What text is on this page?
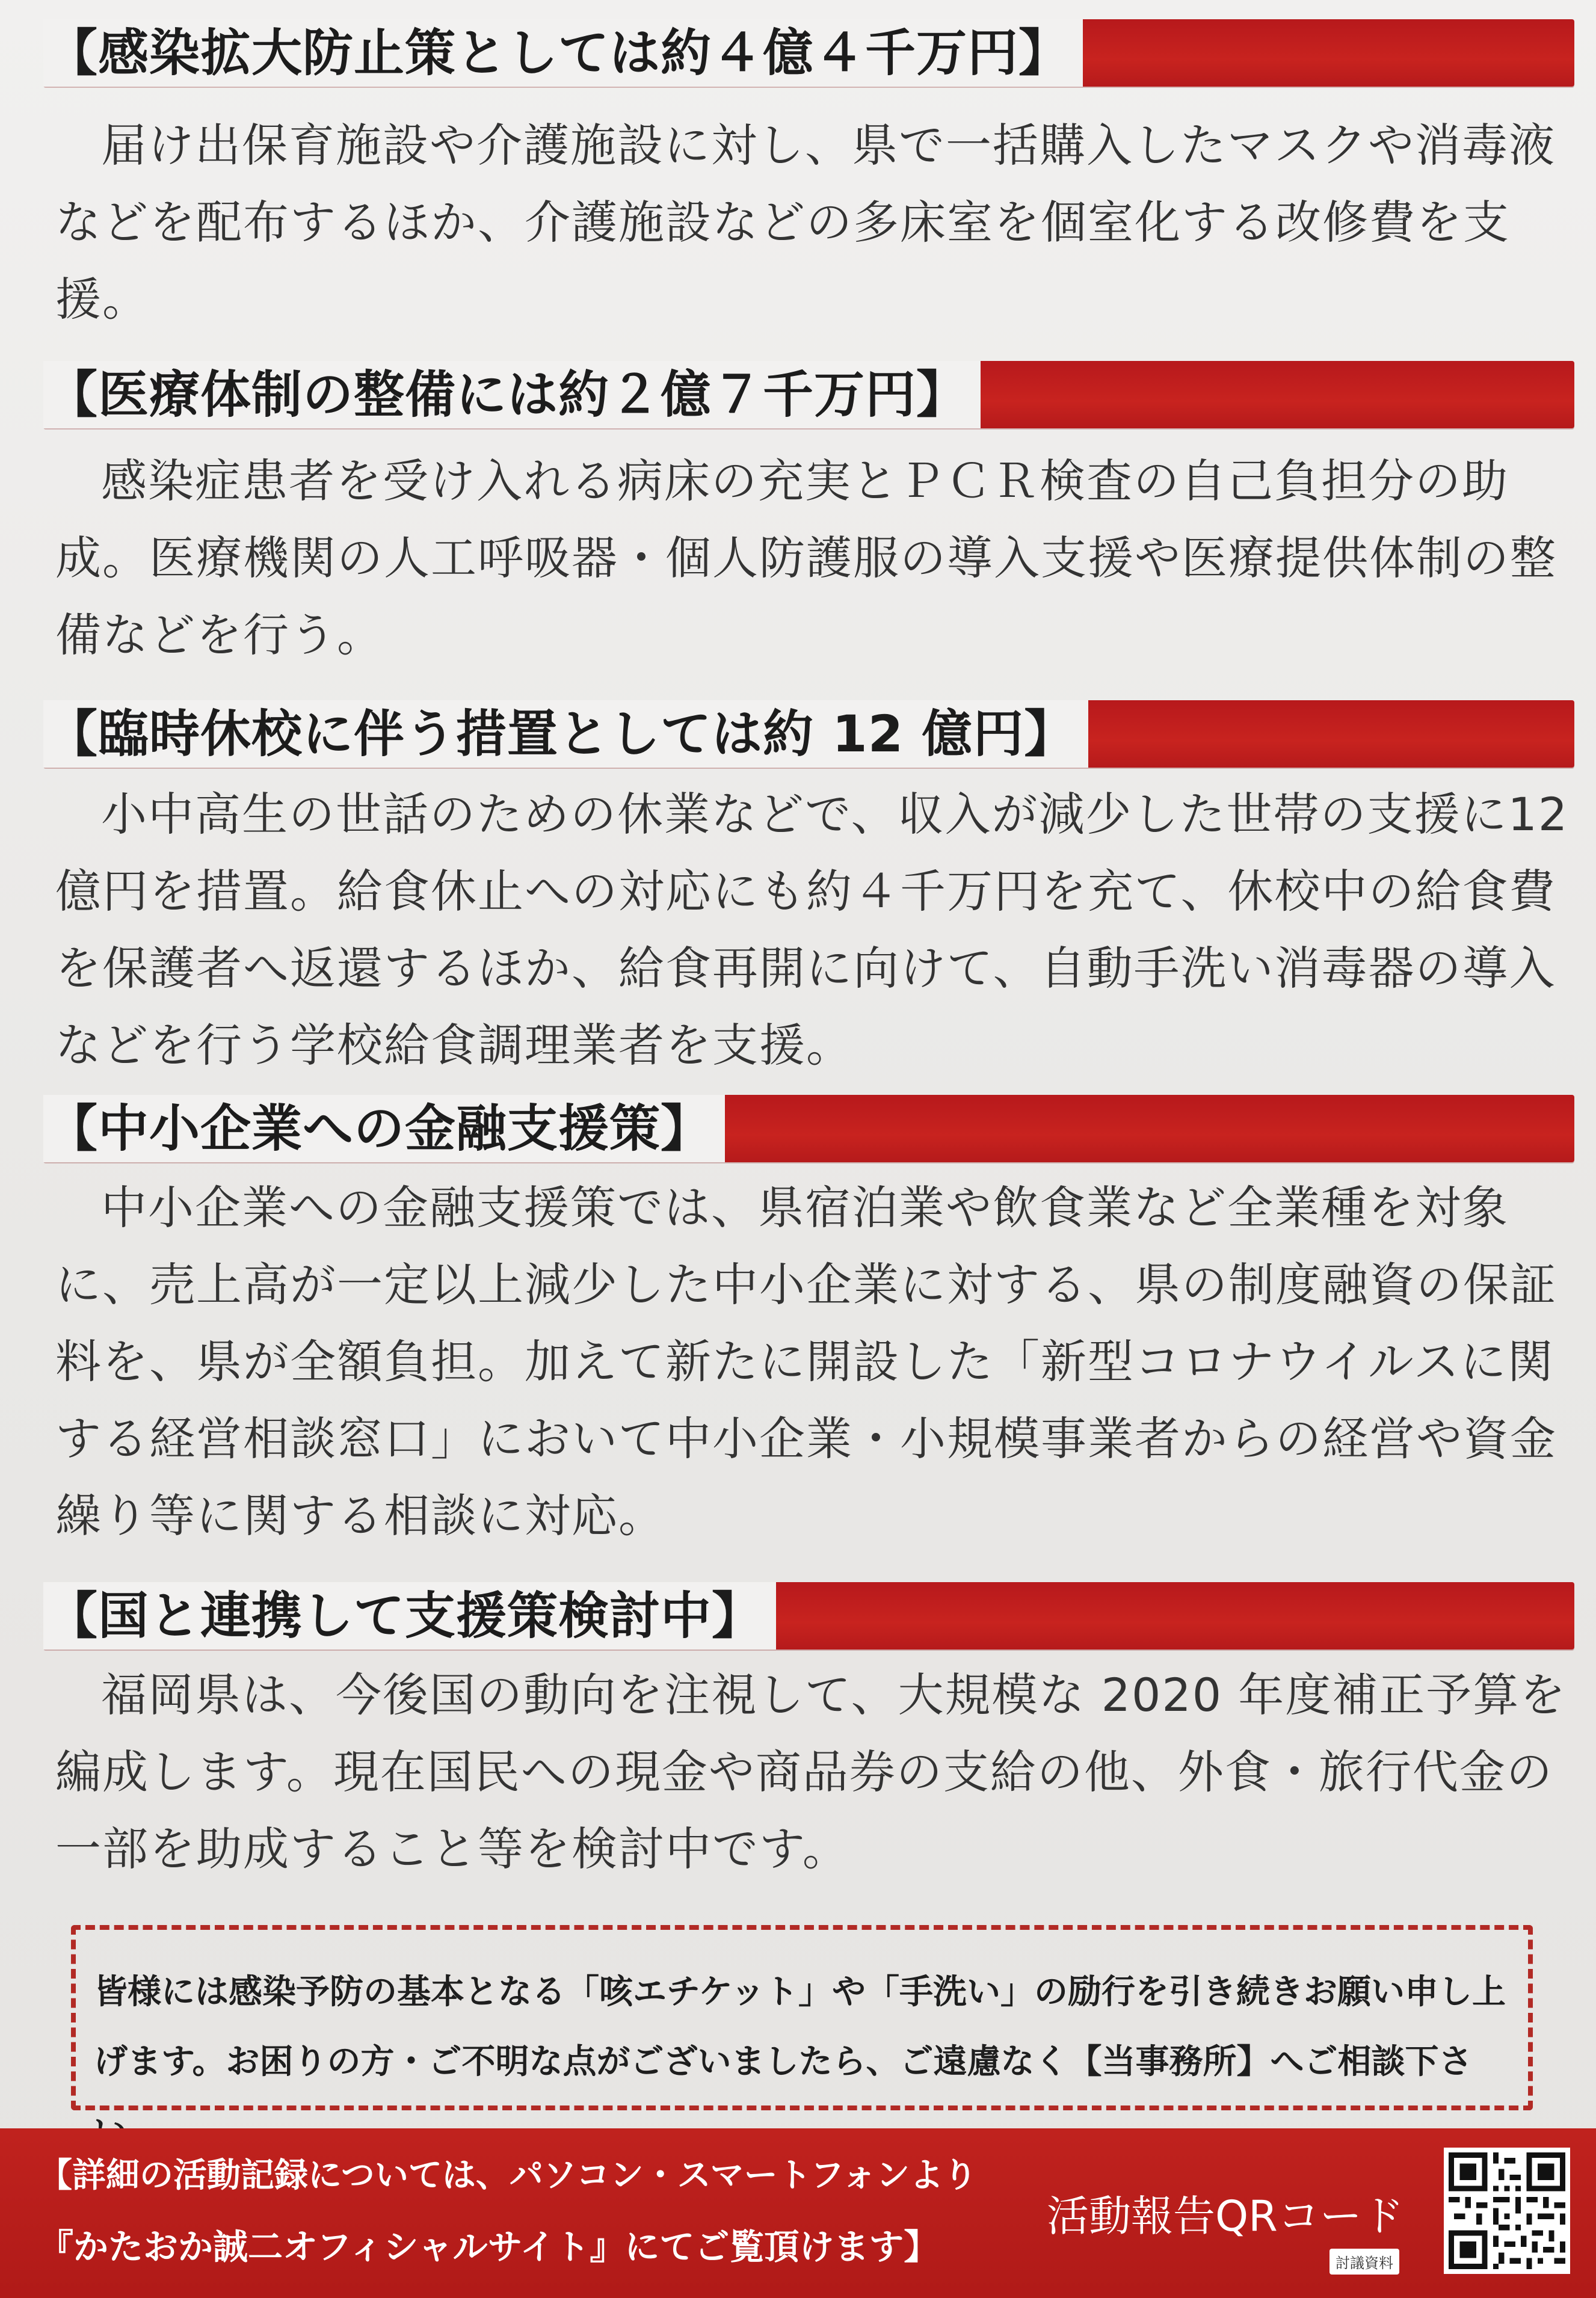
【感染拡大防止策としては約４億４千万円】

届け出保育施設や介護施設に対し、県で一括購入したマスクや消毒液などを配布するほか、介護施設などの多床室を個室化する改修費を支援。

【医療体制の整備には約２億７千万円】

感染症患者を受け入れる病床の充実とＰＣＲ検査の自己負担分の助成。医療機関の人工呼吸器・個人防護服の導入支援や医療提供体制の整備などを行う。

【臨時休校に伴う措置としては約 12 億円】

小中高生の世話のための休業などで、収入が減少した世帯の支援に12億円を措置。給食休止への対応にも約４千万円を充て、休校中の給食費を保護者へ返還するほか、給食再開に向けて、自動手洗い消毒器の導入などを行う学校給食調理業者を支援。

【中小企業への金融支援策】

中小企業への金融支援策では、県宿泊業や飲食業など全業種を対象に、売上高が一定以上減少した中小企業に対する、県の制度融資の保証料を、県が全額負担。加えて新たに開設した「新型コロナウイルスに関する経営相談窓口」において中小企業・小規模事業者からの経営や資金繰り等に関する相談に対応。

【国と連携して支援策検討中】

福岡県は、今後国の動向を注視して、大規模な 2020 年度補正予算を編成します。現在国民への現金や商品券の支給の他、外食・旅行代金の一部を助成すること等を検討中です。

皆様には感染予防の基本となる「咳エチケット」や「手洗い」の励行を引き続きお願い申し上げます。お困りの方・ご不明な点がございましたら、ご遠慮なく【当事務所】へご相談下さ

【詳細の活動記録については、パソコン・スマートフォンより
『かたおか誠二オフィシャルサイト』にてご覧頂けます】
活動報告QRコード
討議資料
